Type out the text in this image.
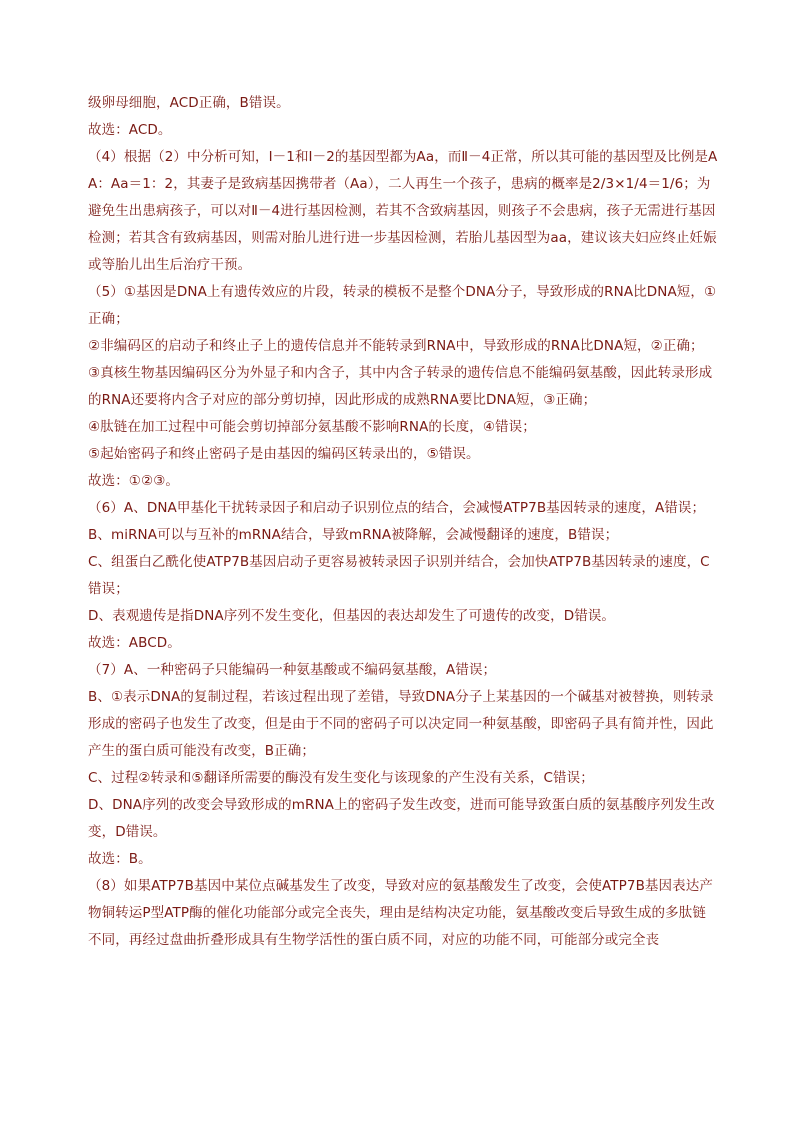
级卵母细胞，ACD正确，B错误。

故选：ACD。

（4）根据（2）中分析可知，Ⅰ－1和Ⅰ－2的基因型都为Aa，而Ⅱ－4正常，所以其可能的基因型及比例是AA：Aa＝1：2，其妻子是致病基因携带者（Aa），二人再生一个孩子，患病的概率是2/3×1/4＝1/6；为避免生出患病孩子，可以对Ⅱ－4进行基因检测，若其不含致病基因，则孩子不会患病，孩子无需进行基因检测；若其含有致病基因，则需对胎儿进行进一步基因检测，若胎儿基因型为aa，建议该夫妇应终止妊娠或等胎儿出生后治疗干预。

（5）①基因是DNA上有遗传效应的片段，转录的模板不是整个DNA分子，导致形成的RNA比DNA短，①正确；

②非编码区的启动子和终止子上的遗传信息并不能转录到RNA中，导致形成的RNA比DNA短，②正确；

③真核生物基因编码区分为外显子和内含子，其中内含子转录的遗传信息不能编码氨基酸，因此转录形成的RNA还要将内含子对应的部分剪切掉，因此形成的成熟RNA要比DNA短，③正确；

④肽链在加工过程中可能会剪切掉部分氨基酸不影响RNA的长度，④错误；

⑤起始密码子和终止密码子是由基因的编码区转录出的，⑤错误。

故选：①②③。

（6）A、DNA甲基化干扰转录因子和启动子识别位点的结合，会减慢ATP7B基因转录的速度，A错误；

B、miRNA可以与互补的mRNA结合，导致mRNA被降解，会减慢翻译的速度，B错误；

C、组蛋白乙酰化使ATP7B基因启动子更容易被转录因子识别并结合，会加快ATP7B基因转录的速度，C错误；

D、表观遗传是指DNA序列不发生变化，但基因的表达却发生了可遗传的改变，D错误。

故选：ABCD。

（7）A、一种密码子只能编码一种氨基酸或不编码氨基酸，A错误；

B、①表示DNA的复制过程，若该过程出现了差错，导致DNA分子上某基因的一个碱基对被替换，则转录形成的密码子也发生了改变，但是由于不同的密码子可以决定同一种氨基酸，即密码子具有简并性，因此产生的蛋白质可能没有改变，B正确；

C、过程②转录和⑤翻译所需要的酶没有发生变化与该现象的产生没有关系，C错误；

D、DNA序列的改变会导致形成的mRNA上的密码子发生改变，进而可能导致蛋白质的氨基酸序列发生改变，D错误。

故选：B。

（8）如果ATP7B基因中某位点碱基发生了改变，导致对应的氨基酸发生了改变，会使ATP7B基因表达产物铜转运P型ATP酶的催化功能部分或完全丧失，理由是结构决定功能，氨基酸改变后导致生成的多肽链不同，再经过盘曲折叠形成具有生物学活性的蛋白质不同，对应的功能不同，可能部分或完全丧
